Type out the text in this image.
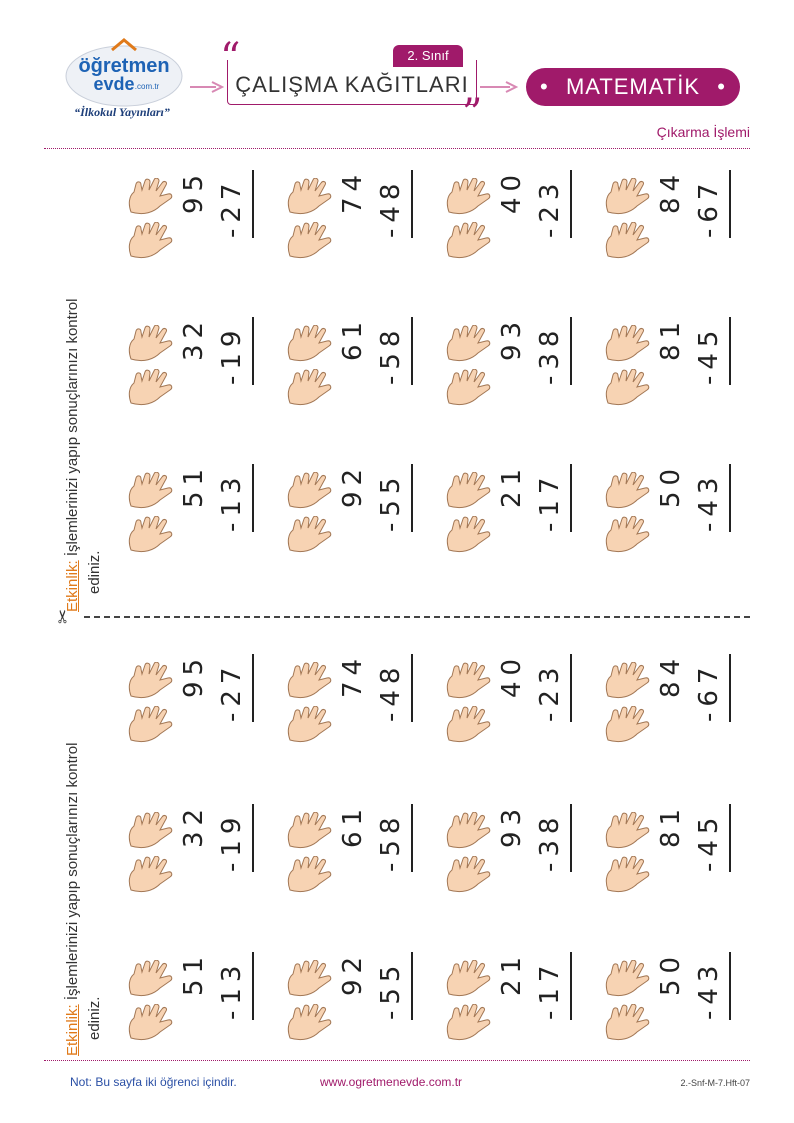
öğretmen
evde .com.tr
“İlkokul Yayınları”
“
”
ÇALIŞMA KAĞITLARI
2. Sınıf
• MATEMATİK •
Çıkarma İşlemi
95 -27	74 -48	40 -23	84 -67
32 -19	61 -58	93 -38	81 -45
51 -13	92 -55	21 -17	50 -43
95 -27	74 -48	40 -23	84 -67
32 -19	61 -58	93 -38	81 -45
51 -13	92 -55	21 -17	50 -43
Etkinlik: İşlemlerinizi yapıp sonuçlarınızı kontrol
ediniz.
Etkinlik: İşlemlerinizi yapıp sonuçlarınızı kontrol
ediniz.
✂
Not: Bu sayfa iki öğrenci içindir.	www.ogretmenevde.com.tr	2.-Snf-M-7.Hft-07
